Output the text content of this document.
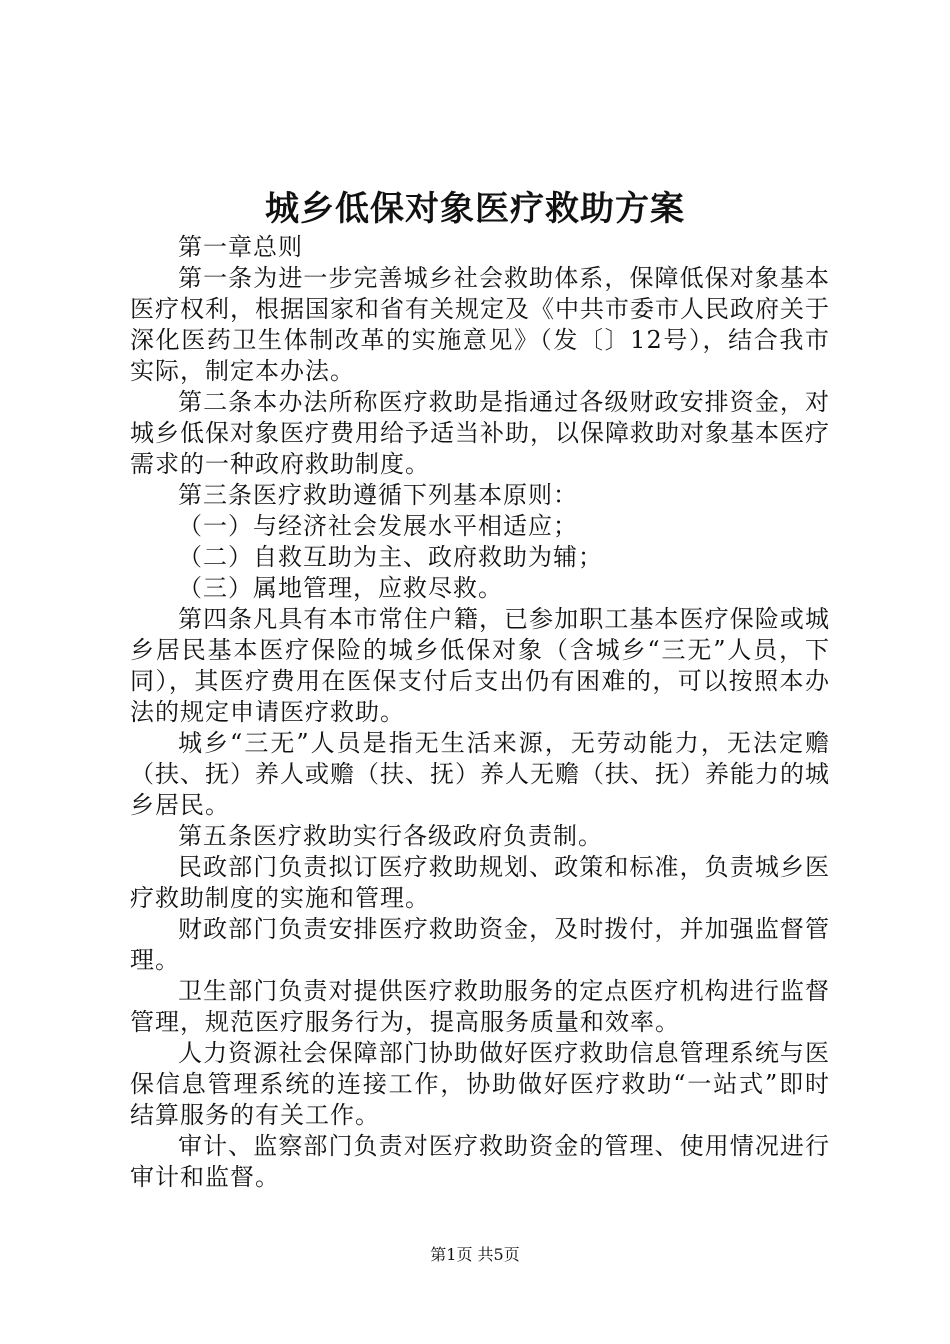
城乡低保对象医疗救助方案

第一章总则

第一条为进一步完善城乡社会救助体系，保障低保对象基本医疗权利，根据国家和省有关规定及《中共市委市人民政府关于深化医药卫生体制改革的实施意见》（发〔〕12号），结合我市实际，制定本办法。

第二条本办法所称医疗救助是指通过各级财政安排资金，对城乡低保对象医疗费用给予适当补助，以保障救助对象基本医疗需求的一种政府救助制度。

第三条医疗救助遵循下列基本原则：

（一）与经济社会发展水平相适应；

（二）自救互助为主、政府救助为辅；

（三）属地管理，应救尽救。

第四条凡具有本市常住户籍，已参加职工基本医疗保险或城乡居民基本医疗保险的城乡低保对象（含城乡“三无”人员，下同），其医疗费用在医保支付后支出仍有困难的，可以按照本办法的规定申请医疗救助。

城乡“三无”人员是指无生活来源，无劳动能力，无法定赡（扶、抚）养人或赡（扶、抚）养人无赡（扶、抚）养能力的城乡居民。

第五条医疗救助实行各级政府负责制。

民政部门负责拟订医疗救助规划、政策和标准，负责城乡医疗救助制度的实施和管理。

财政部门负责安排医疗救助资金，及时拨付，并加强监督管理。

卫生部门负责对提供医疗救助服务的定点医疗机构进行监督管理，规范医疗服务行为，提高服务质量和效率。

人力资源社会保障部门协助做好医疗救助信息管理系统与医保信息管理系统的连接工作，协助做好医疗救助“一站式”即时结算服务的有关工作。

审计、监察部门负责对医疗救助资金的管理、使用情况进行审计和监督。

第1页 共5页
